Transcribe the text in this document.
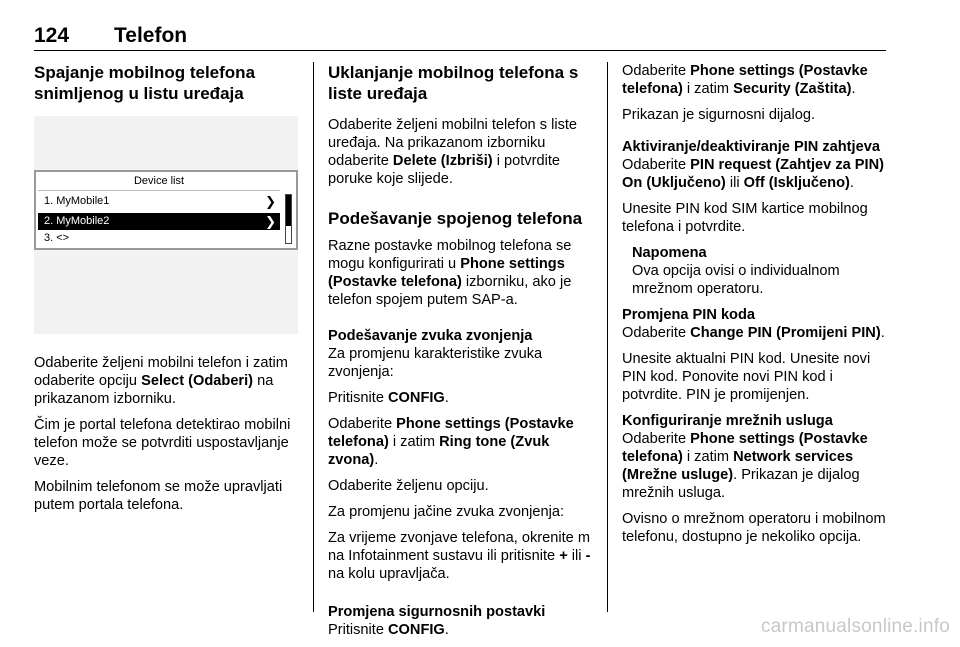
124 Telefon
Spajanje mobilnog telefona snimljenog u listu uređaja
Device list
1. MyMobile1	❯
2. MyMobile2	❯
3. <>

Odaberite željeni mobilni telefon i zatim odaberite opciju Select (Odaberi) na prikazanom izborniku.

Čim je portal telefona detektirao mobilni telefon može se potvrditi uspostavljanje veze.

Mobilnim telefonom se može upravljati putem portala telefona.

Uklanjanje mobilnog telefona s liste uređaja

Odaberite željeni mobilni telefon s liste uređaja. Na prikazanom izborniku odaberite Delete (Izbriši) i potvrdite poruke koje slijede.

Podešavanje spojenog telefona

Razne postavke mobilnog telefona se mogu konfigurirati u Phone settings (Postavke telefona) izborniku, ako je telefon spojem putem SAP-a.

Podešavanje zvuka zvonjenja

Za promjenu karakteristike zvuka zvonjenja:

Pritisnite CONFIG.

Odaberite Phone settings (Postavke telefona) i zatim Ring tone (Zvuk zvona).

Odaberite željenu opciju.

Za promjenu jačine zvuka zvonjenja:

Za vrijeme zvonjave telefona, okrenite m na Infotainment sustavu ili pritisnite + ili - na kolu upravljača.

Promjena sigurnosnih postavki

Pritisnite CONFIG.

Odaberite Phone settings (Postavke telefona) i zatim Security (Zaštita).

Prikazan je sigurnosni dijalog.

Aktiviranje/deaktiviranje PIN zahtjeva

Odaberite PIN request (Zahtjev za PIN) On (Uključeno) ili Off (Isključeno).

Unesite PIN kod SIM kartice mobilnog telefona i potvrdite.

Napomena
Ova opcija ovisi o individualnom mrežnom operatoru.
Promjena PIN koda

Odaberite Change PIN (Promijeni PIN).

Unesite aktualni PIN kod. Unesite novi PIN kod. Ponovite novi PIN kod i potvrdite. PIN je promijenjen.

Konfiguriranje mrežnih usluga

Odaberite Phone settings (Postavke telefona) i zatim Network services (Mrežne usluge). Prikazan je dijalog mrežnih usluga.

Ovisno o mrežnom operatoru i mobilnom telefonu, dostupno je nekoliko opcija.

carmanualsonline.info
